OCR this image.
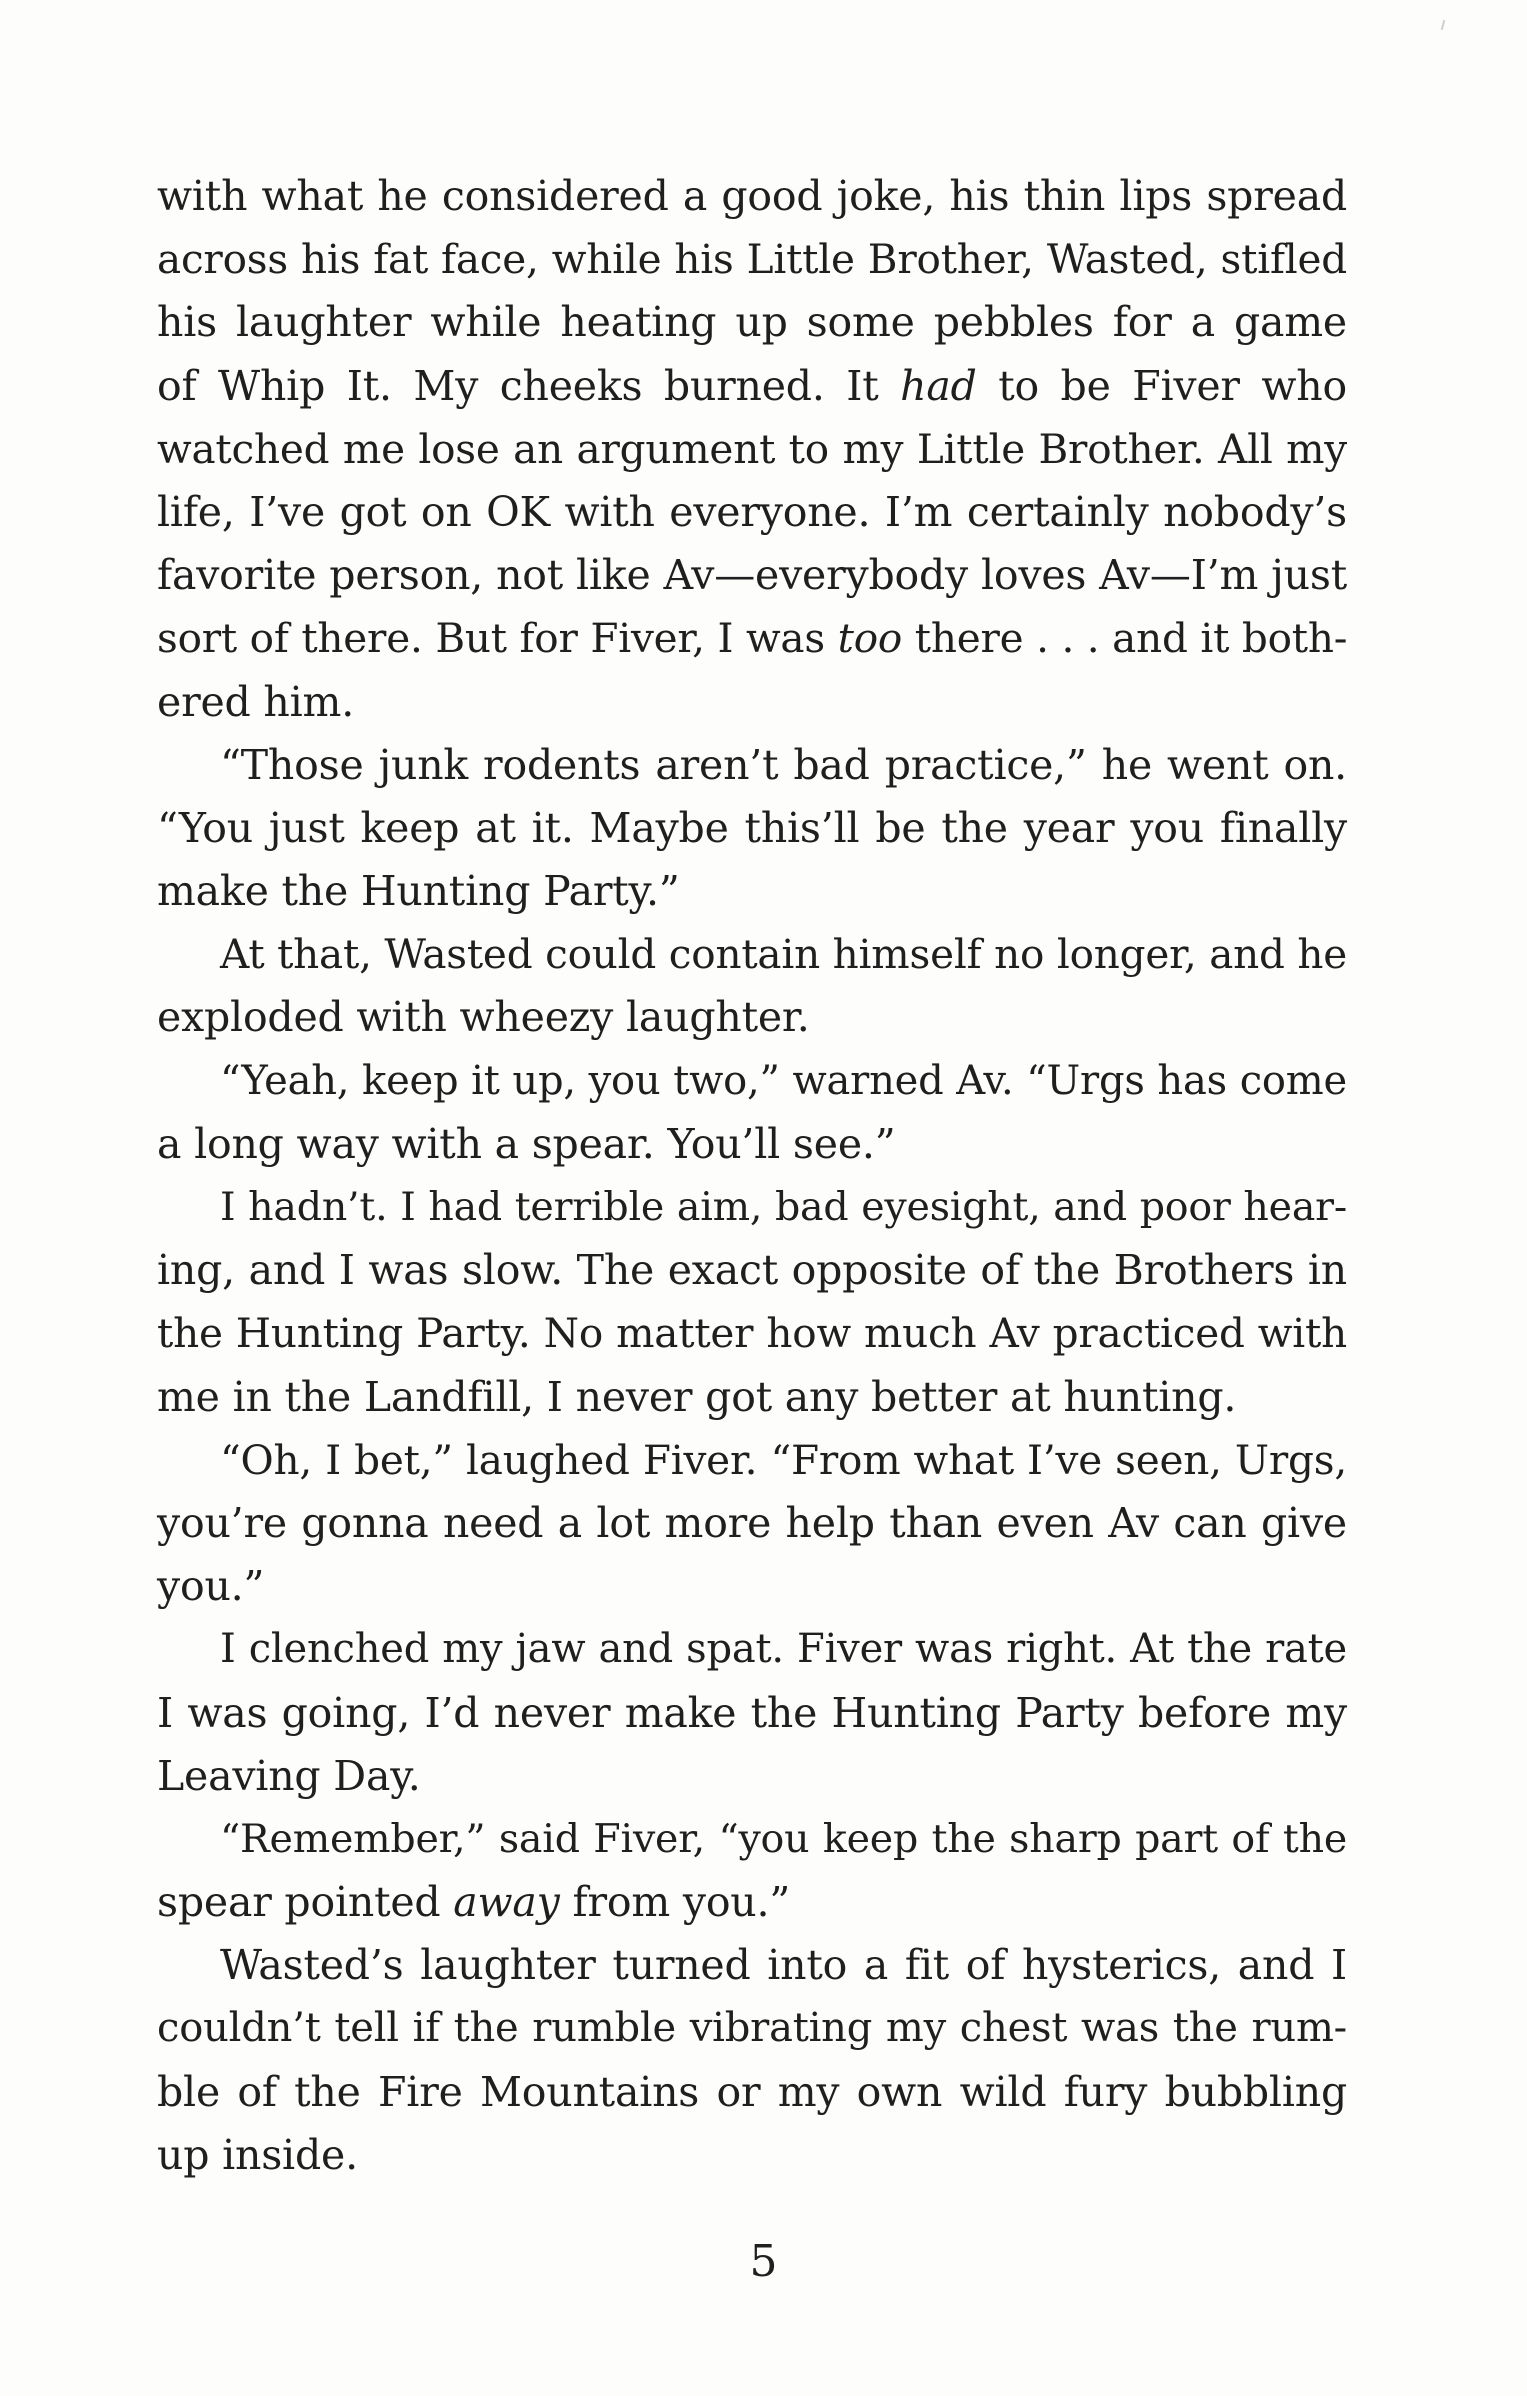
with what he considered a good joke, his thin lips spread
across his fat face, while his Little Brother, Wasted, stifled
his laughter while heating up some pebbles for a game
of Whip It. My cheeks burned. It had to be Fiver who
watched me lose an argument to my Little Brother. All my
life, I’ve got on OK with everyone. I’m certainly nobody’s
favorite person, not like Av—everybody loves Av—I’m just
sort of there. But for Fiver, I was too there . . . and it both-
ered him.
“Those junk rodents aren’t bad practice,” he went on.
“You just keep at it. Maybe this’ll be the year you finally
make the Hunting Party.”
At that, Wasted could contain himself no longer, and he
exploded with wheezy laughter.
“Yeah, keep it up, you two,” warned Av. “Urgs has come
a long way with a spear. You’ll see.”
I hadn’t. I had terrible aim, bad eyesight, and poor hear-
ing, and I was slow. The exact opposite of the Brothers in
the Hunting Party. No matter how much Av practiced with
me in the Landfill, I never got any better at hunting.
“Oh, I bet,” laughed Fiver. “From what I’ve seen, Urgs,
you’re gonna need a lot more help than even Av can give
you.”
I clenched my jaw and spat. Fiver was right. At the rate
I was going, I’d never make the Hunting Party before my
Leaving Day.
“Remember,” said Fiver, “you keep the sharp part of the
spear pointed away from you.”
Wasted’s laughter turned into a fit of hysterics, and I
couldn’t tell if the rumble vibrating my chest was the rum-
ble of the Fire Mountains or my own wild fury bubbling
up inside.
5
